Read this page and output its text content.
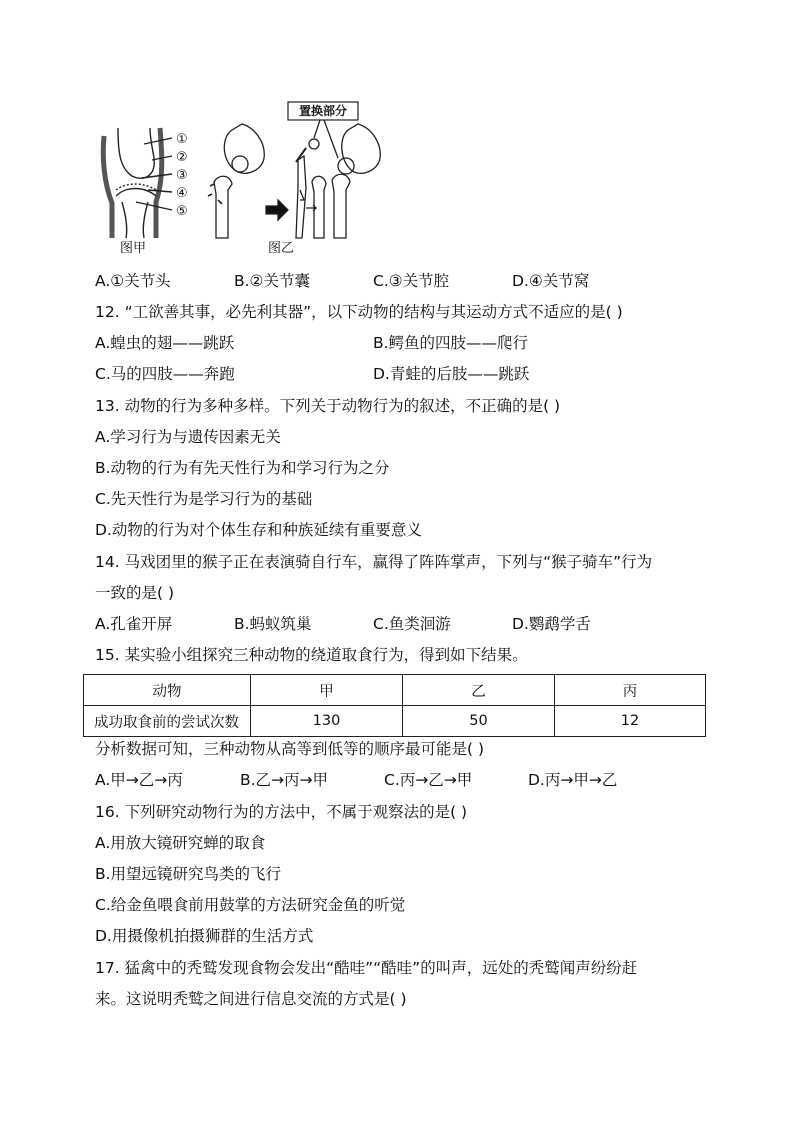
①
②
③
④
⑤
图甲	图乙
置换部分
A.①关节头	B.②关节囊	C.③关节腔	D.④关节窝
12. “工欲善其事，必先利其器”，以下动物的结构与其运动方式不适应的是( )
A.蝗虫的翅——跳跃	B.鳄鱼的四肢——爬行
C.马的四肢——奔跑	D.青蛙的后肢——跳跃
13. 动物的行为多种多样。下列关于动物行为的叙述，不正确的是( )
A.学习行为与遗传因素无关
B.动物的行为有先天性行为和学习行为之分
C.先天性行为是学习行为的基础
D.动物的行为对个体生存和种族延续有重要意义
14. 马戏团里的猴子正在表演骑自行车，赢得了阵阵掌声，下列与“猴子骑车”行为
一致的是( )
A.孔雀开屏	B.蚂蚁筑巢	C.鱼类洄游	D.鹦鹉学舌
15. 某实验小组探究三种动物的绕道取食行为，得到如下结果。
动物	甲	乙	丙
成功取食前的尝试次数	130	50	12
分析数据可知，三种动物从高等到低等的顺序最可能是( )
A.甲→乙→丙	B.乙→丙→甲	C.丙→乙→甲	D.丙→甲→乙
16. 下列研究动物行为的方法中，不属于观察法的是( )
A.用放大镜研究蝉的取食
B.用望远镜研究鸟类的飞行
C.给金鱼喂食前用鼓掌的方法研究金鱼的听觉
D.用摄像机拍摄狮群的生活方式
17. 猛禽中的秃鹫发现食物会发出“酷哇”“酷哇”的叫声，远处的秃鹫闻声纷纷赶
来。这说明秃鹫之间进行信息交流的方式是( )
